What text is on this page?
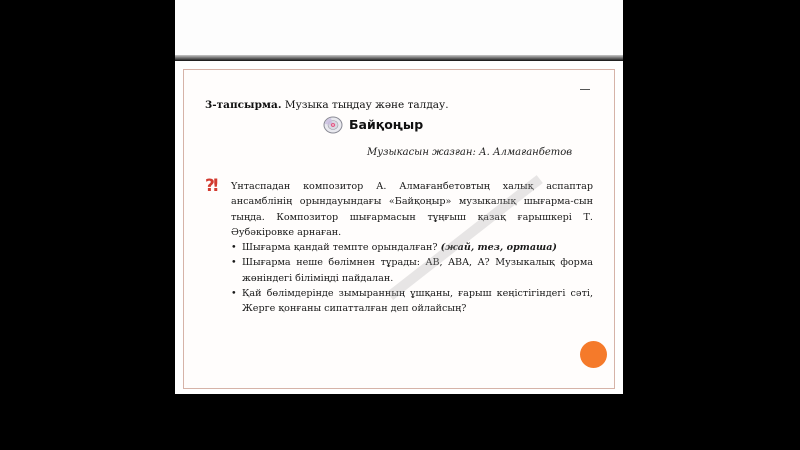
3-тапсырма. Музыка тыңдау және талдау.
Байқоңыр
Музыкасын жазған: А. Алмағанбетов
?! Үнтаспадан композитор А. Алмағанбетовтың халық аспаптар ансамблінің орындауындағы «Байқоңыр» музыкалық шығарма-сын тыңда. Композитор шығармасын тұңғыш қазақ ғарышкері Т. Әубәкіровке арнаған.

• Шығарма қандай темпте орындалған? (жай, тез, орташа)
• Шығарма неше бөлімнен тұрады: AB, ABA, A? Музыкалық форма жөніндегі біліміңді пайдалан.
• Қай бөлімдерінде зымыранның ұшқаны, ғарыш кеңістігіндегі сәті, Жерге қонғаны сипатталған деп ойлайсың?
